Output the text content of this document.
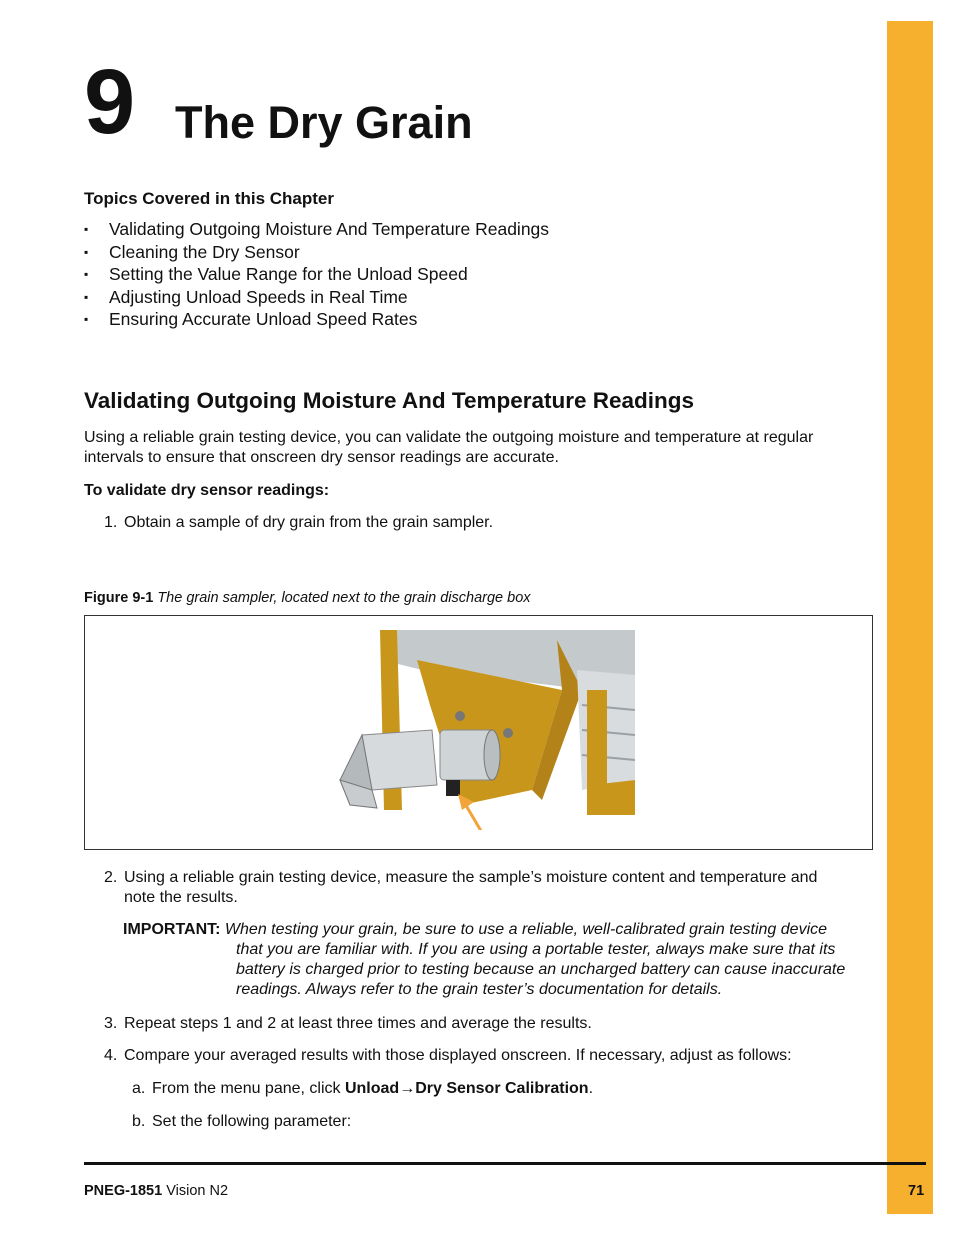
9 The Dry Grain
Topics Covered in this Chapter
▪ Validating Outgoing Moisture And Temperature Readings
▪ Cleaning the Dry Sensor
▪ Setting the Value Range for the Unload Speed
▪ Adjusting Unload Speeds in Real Time
▪ Ensuring Accurate Unload Speed Rates
Validating Outgoing Moisture And Temperature Readings
Using a reliable grain testing device, you can validate the outgoing moisture and temperature at regular
intervals to ensure that onscreen dry sensor readings are accurate.
To validate dry sensor readings:
1. Obtain a sample of dry grain from the grain sampler.
Figure 9-1 The grain sampler, located next to the grain discharge box
2. Using a reliable grain testing device, measure the sample’s moisture content and temperature and
note the results.
IMPORTANT: When testing your grain, be sure to use a reliable, well-calibrated grain testing device
that you are familiar with. If you are using a portable tester, always make sure that its
battery is charged prior to testing because an uncharged battery can cause inaccurate
readings. Always refer to the grain tester’s documentation for details.
3. Repeat steps 1 and 2 at least three times and average the results.
4. Compare your averaged results with those displayed onscreen. If necessary, adjust as follows:
a. From the menu pane, click Unload→Dry Sensor Calibration.
b. Set the following parameter:
PNEG-1851 Vision N2	71
